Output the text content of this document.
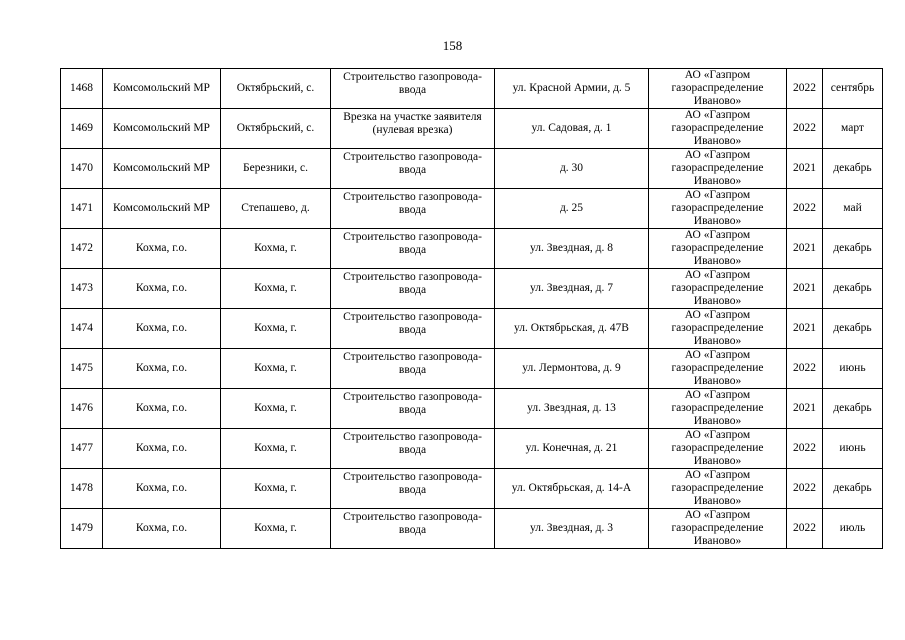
158
1468	Комсомольский МР	Октябрьский, с.	Строительство газопровода-ввода	ул. Красной Армии, д. 5	АО «Газпром
газораспределение
Иваново»	2022	сентябрь
1469	Комсомольский МР	Октябрьский, с.	Врезка на участке заявителя (нулевая врезка)	ул. Садовая, д. 1	АО «Газпром
газораспределение
Иваново»	2022	март
1470	Комсомольский МР	Березники, с.	Строительство газопровода-ввода	д. 30	АО «Газпром
газораспределение
Иваново»	2021	декабрь
1471	Комсомольский МР	Степашево, д.	Строительство газопровода-ввода	д. 25	АО «Газпром
газораспределение
Иваново»	2022	май
1472	Кохма, г.о.	Кохма, г.	Строительство газопровода-ввода	ул. Звездная, д. 8	АО «Газпром
газораспределение
Иваново»	2021	декабрь
1473	Кохма, г.о.	Кохма, г.	Строительство газопровода-ввода	ул. Звездная, д. 7	АО «Газпром
газораспределение
Иваново»	2021	декабрь
1474	Кохма, г.о.	Кохма, г.	Строительство газопровода-ввода	ул. Октябрьская, д. 47В	АО «Газпром
газораспределение
Иваново»	2021	декабрь
1475	Кохма, г.о.	Кохма, г.	Строительство газопровода-ввода	ул. Лермонтова, д. 9	АО «Газпром
газораспределение
Иваново»	2022	июнь
1476	Кохма, г.о.	Кохма, г.	Строительство газопровода-ввода	ул. Звездная, д. 13	АО «Газпром
газораспределение
Иваново»	2021	декабрь
1477	Кохма, г.о.	Кохма, г.	Строительство газопровода-ввода	ул. Конечная, д. 21	АО «Газпром
газораспределение
Иваново»	2022	июнь
1478	Кохма, г.о.	Кохма, г.	Строительство газопровода-ввода	ул. Октябрьская, д. 14-А	АО «Газпром
газораспределение
Иваново»	2022	декабрь
1479	Кохма, г.о.	Кохма, г.	Строительство газопровода-ввода	ул. Звездная, д. 3	АО «Газпром
газораспределение
Иваново»	2022	июль
